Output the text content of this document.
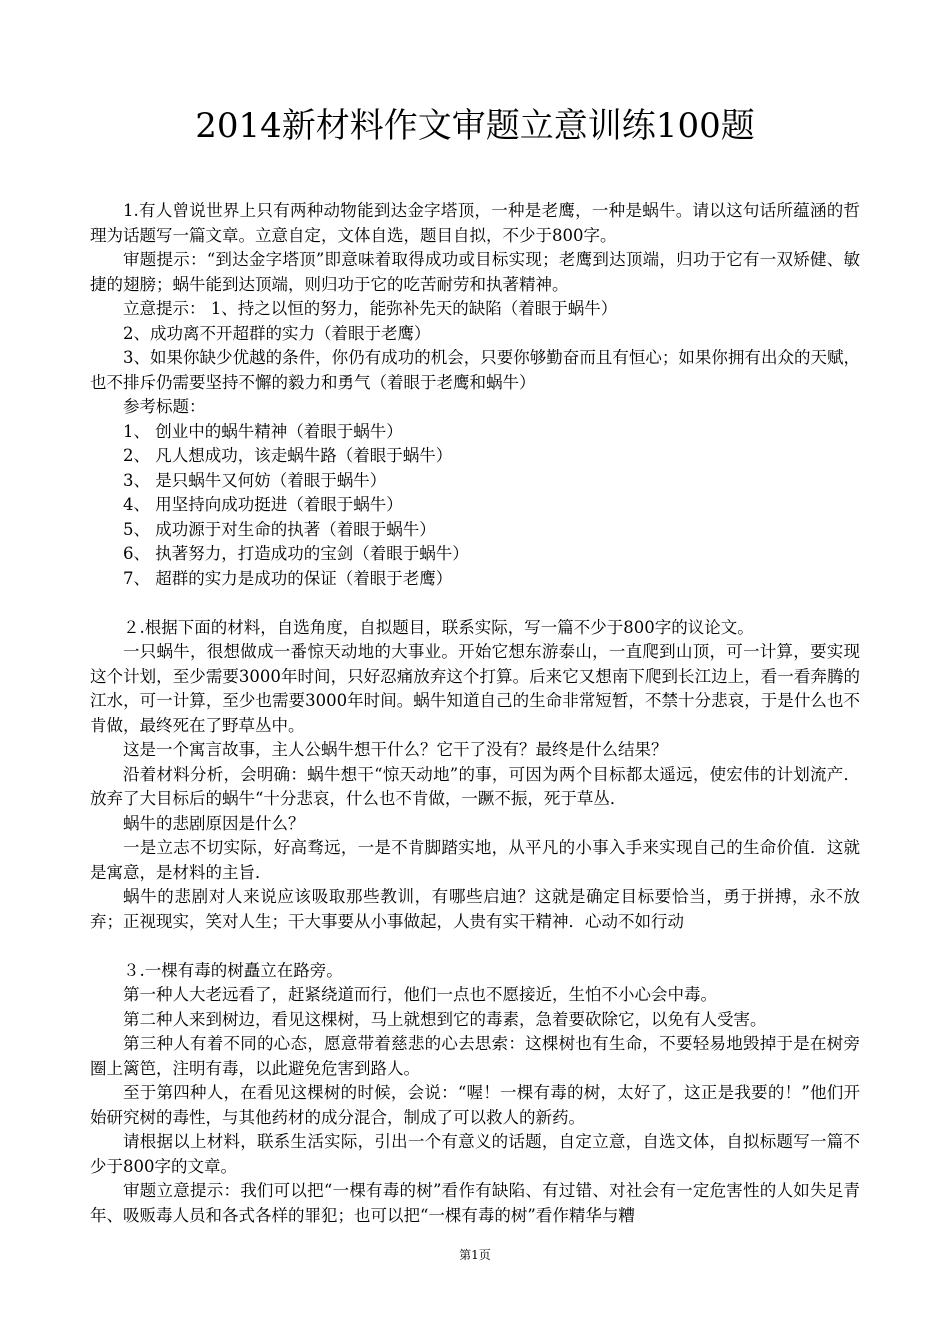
2014新材料作文审题立意训练100题

1.有人曾说世界上只有两种动物能到达金字塔顶，一种是老鹰，一种是蜗牛。请以这句话所蕴涵的哲理为话题写一篇文章。立意自定，文体自选，题目自拟，不少于800字。

审题提示：“到达金字塔顶”即意味着取得成功或目标实现；老鹰到达顶端，归功于它有一双矫健、敏捷的翅膀；蜗牛能到达顶端，则归功于它的吃苦耐劳和执著精神。

立意提示： 1、持之以恒的努力，能弥补先天的缺陷（着眼于蜗牛）

2、成功离不开超群的实力（着眼于老鹰）

3、如果你缺少优越的条件，你仍有成功的机会，只要你够勤奋而且有恒心；如果你拥有出众的天赋，也不排斥仍需要坚持不懈的毅力和勇气（着眼于老鹰和蜗牛）

参考标题：

1、 创业中的蜗牛精神（着眼于蜗牛）

2、 凡人想成功，该走蜗牛路（着眼于蜗牛）

3、 是只蜗牛又何妨（着眼于蜗牛）

4、 用坚持向成功挺进（着眼于蜗牛）

5、 成功源于对生命的执著（着眼于蜗牛）

6、 执著努力，打造成功的宝剑（着眼于蜗牛）

7、 超群的实力是成功的保证（着眼于老鹰）

２.根据下面的材料，自选角度，自拟题目，联系实际，写一篇不少于800字的议论文。

一只蜗牛，很想做成一番惊天动地的大事业。开始它想东游泰山，一直爬到山顶，可一计算，要实现这个计划，至少需要3000年时间，只好忍痛放弃这个打算。后来它又想南下爬到长江边上，看一看奔腾的江水，可一计算，至少也需要3000年时间。蜗牛知道自己的生命非常短暂，不禁十分悲哀，于是什么也不肯做，最终死在了野草丛中。

这是一个寓言故事，主人公蜗牛想干什么？它干了没有？最终是什么结果？

沿着材料分析，会明确：蜗牛想干“惊天动地”的事，可因为两个目标都太遥远，使宏伟的计划流产．放弃了大目标后的蜗牛“十分悲哀，什么也不肯做，一蹶不振，死于草丛．

蜗牛的悲剧原因是什么？

一是立志不切实际，好高骛远，一是不肯脚踏实地，从平凡的小事入手来实现自己的生命价值．这就是寓意，是材料的主旨．

蜗牛的悲剧对人来说应该吸取那些教训，有哪些启迪？这就是确定目标要恰当，勇于拼搏，永不放弃；正视现实，笑对人生；干大事要从小事做起，人贵有实干精神．心动不如行动

３.一棵有毒的树矗立在路旁。

第一种人大老远看了，赶紧绕道而行，他们一点也不愿接近，生怕不小心会中毒。

第二种人来到树边，看见这棵树，马上就想到它的毒素，急着要砍除它，以免有人受害。

第三种人有着不同的心态，愿意带着慈悲的心去思索：这棵树也有生命，不要轻易地毁掉于是在树旁圈上篱笆，注明有毒，以此避免危害到路人。

至于第四种人，在看见这棵树的时候，会说：“喔！一棵有毒的树，太好了，这正是我要的！”他们开始研究树的毒性，与其他药材的成分混合，制成了可以救人的新药。

请根据以上材料，联系生活实际，引出一个有意义的话题，自定立意，自选文体，自拟标题写一篇不少于800字的文章。

审题立意提示：我们可以把“一棵有毒的树”看作有缺陷、有过错、对社会有一定危害性的人如失足青年、吸贩毒人员和各式各样的罪犯；也可以把“一棵有毒的树”看作精华与糟

第1页
